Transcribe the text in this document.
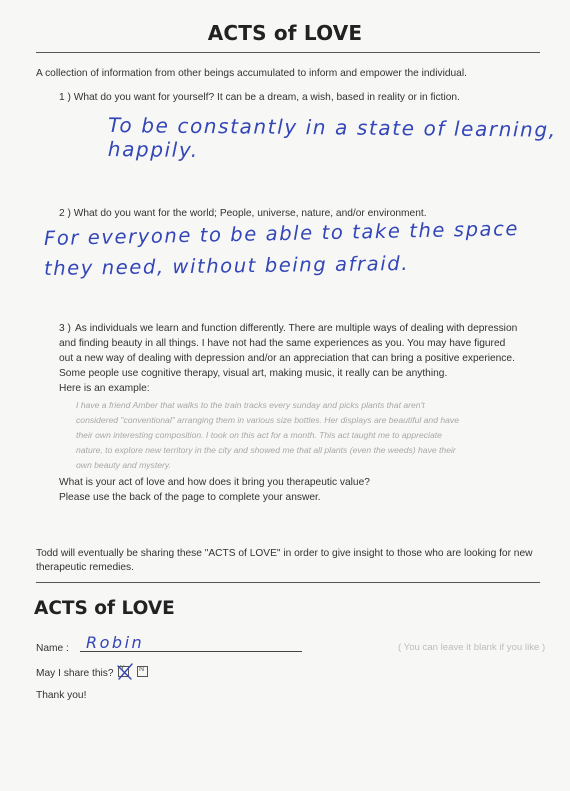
ACTS of LOVE
A collection of information from other beings accumulated to inform and empower the individual.
1 ) What do you want for yourself? It can be a dream, a wish, based in reality or in fiction.
To be constantly in a state of learning, happily.
2 ) What do you want for the world; People, universe, nature, and/or environment.
For everyone to be able to take the space
they need, without being afraid.
3 ) As individuals we learn and function differently. There are multiple ways of dealing with depression
and finding beauty in all things. I have not had the same experiences as you. You may have figured
out a new way of dealing with depression and/or an appreciation that can bring a positive experience.
Some people use cognitive therapy, visual art, making music, it really can be anything.
Here is an example:
I have a friend Amber that walks to the train tracks every sunday and picks plants that aren't
considered "conventional" arranging them in various size bottles. Her displays are beautiful and have
their own interesting composition. I took on this act for a month. This act taught me to appreciate
nature, to explore new territory in the city and showed me that all plants (even the weeds) have their
own beauty and mystery.
What is your act of love and how does it bring you therapeutic value?
Please use the back of the page to complete your answer.
Todd will eventually be sharing these "ACTS of LOVE" in order to give insight to those who are looking for new
therapeutic remedies.
ACTS of LOVE
Name : Robin	( You can leave it blank if you like )
May I share this? Y N
Thank you!
